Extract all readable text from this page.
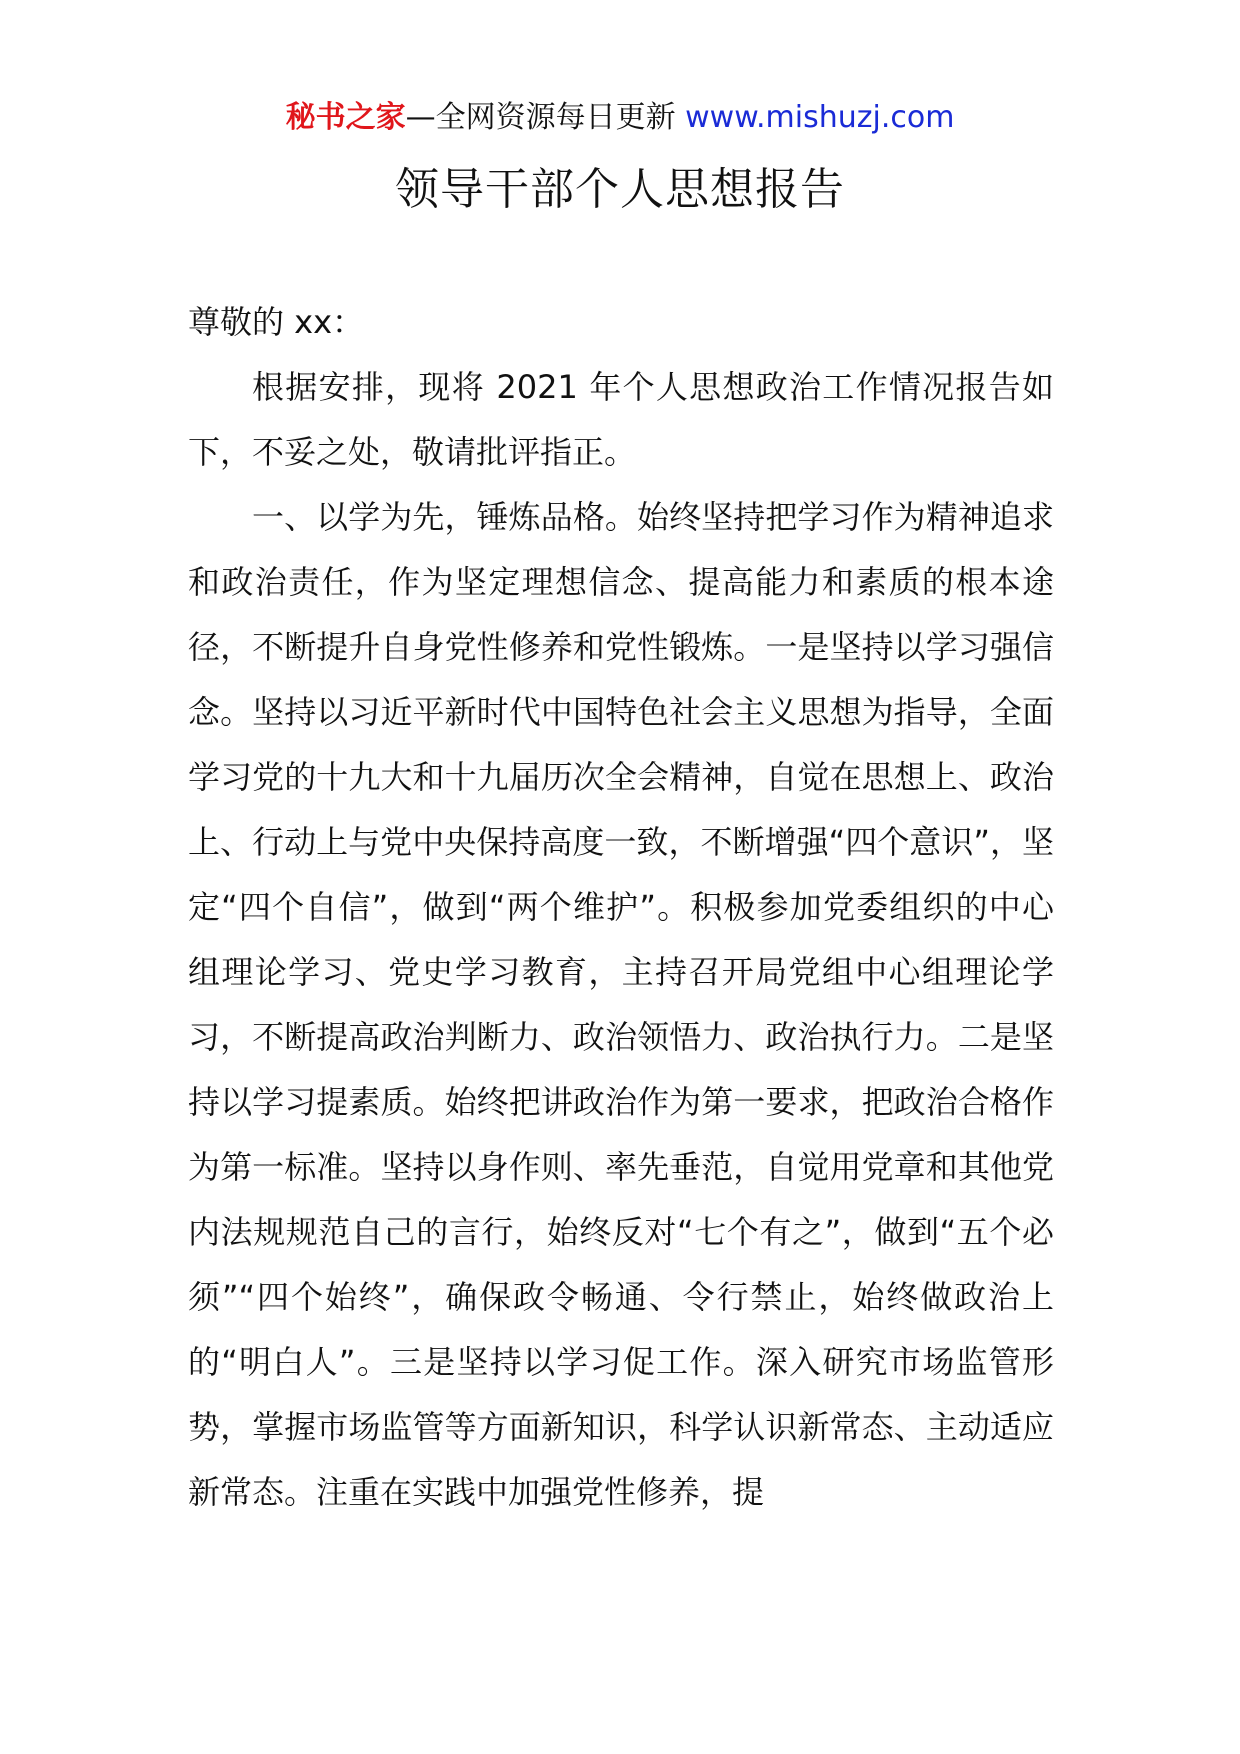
秘书之家—全网资源每日更新 www.mishuzj.com
领导干部个人思想报告

尊敬的 xx：

根据安排，现将 2021 年个人思想政治工作情况报告如下，不妥之处，敬请批评指正。

一、以学为先，锤炼品格。始终坚持把学习作为精神追求和政治责任，作为坚定理想信念、提高能力和素质的根本途径，不断提升自身党性修养和党性锻炼。一是坚持以学习强信念。坚持以习近平新时代中国特色社会主义思想为指导，全面学习党的十九大和十九届历次全会精神，自觉在思想上、政治上、行动上与党中央保持高度一致，不断增强“四个意识”，坚定“四个自信”，做到“两个维护”。积极参加党委组织的中心组理论学习、党史学习教育，主持召开局党组中心组理论学习，不断提高政治判断力、政治领悟力、政治执行力。二是坚持以学习提素质。始终把讲政治作为第一要求，把政治合格作为第一标准。坚持以身作则、率先垂范，自觉用党章和其他党内法规规范自己的言行，始终反对“七个有之”，做到“五个必须”“四个始终”，确保政令畅通、令行禁止，始终做政治上的“明白人”。三是坚持以学习促工作。深入研究市场监管形势，掌握市场监管等方面新知识，科学认识新常态、主动适应新常态。注重在实践中加强党性修养，提
